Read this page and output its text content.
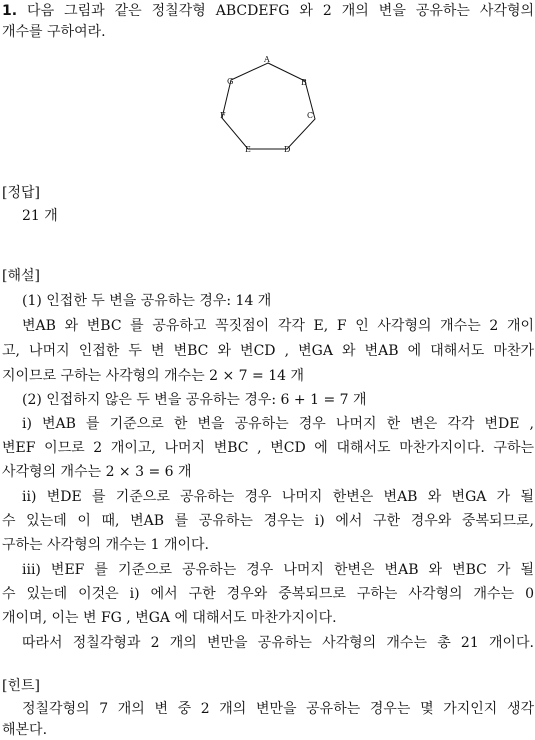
1. 다음 그림과 같은 정칠각형 ABCDEFG 와 2 개의 변을 공유하는 사각형의
개수를 구하여라.
A
B
C
D
E
F
G
[정답]
21 개
[해설]
(1) 인접한 두 변을 공유하는 경우: 14 개
변AB 와 변BC 를 공유하고 꼭짓점이 각각 E, F 인 사각형의 개수는 2 개이
고, 나머지 인접한 두 변 변BC 와 변CD , 변GA 와 변AB 에 대해서도 마찬가
지이므로 구하는 사각형의 개수는 2 × 7 = 14 개
(2) 인접하지 않은 두 변을 공유하는 경우: 6 + 1 = 7 개
i) 변AB 를 기준으로 한 변을 공유하는 경우 나머지 한 변은 각각 변DE ,
변EF 이므로 2 개이고, 나머지 변BC , 변CD 에 대해서도 마찬가지이다. 구하는
사각형의 개수는 2 × 3 = 6 개
ii) 변DE 를 기준으로 공유하는 경우 나머지 한변은 변AB 와 변GA 가 될
수 있는데 이 때, 변AB 를 공유하는 경우는 i) 에서 구한 경우와 중복되므로,
구하는 사각형의 개수는 1 개이다.
iii) 변EF 를 기준으로 공유하는 경우 나머지 한변은 변AB 와 변BC 가 될
수 있는데 이것은 i) 에서 구한 경우와 중복되므로 구하는 사각형의 개수는 0
개이며, 이는 변 FG , 변GA 에 대해서도 마찬가지이다.
따라서 정칠각형과 2 개의 변만을 공유하는 사각형의 개수는 총 21 개이다.
[힌트]
정칠각형의 7 개의 변 중 2 개의 변만을 공유하는 경우는 몇 가지인지 생각
해본다.
